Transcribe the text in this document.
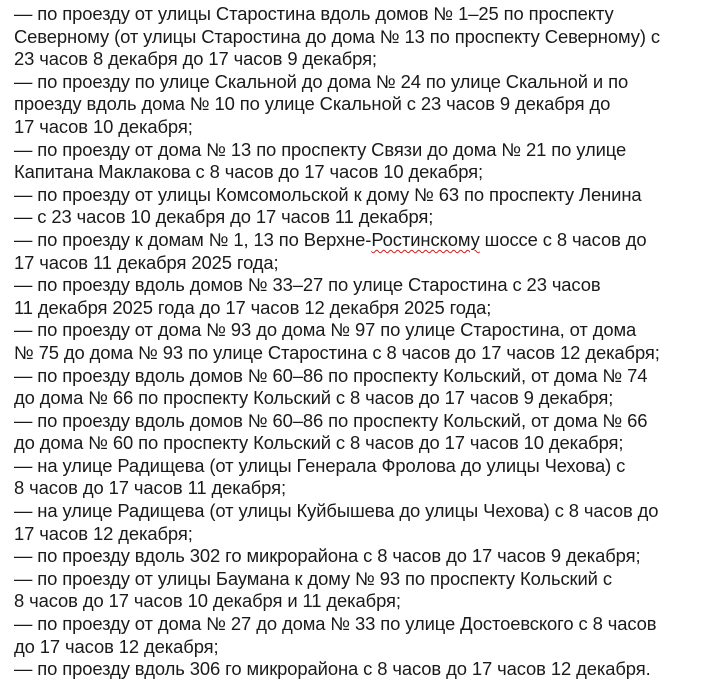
— по проезду от улицы Старостина вдоль домов № 1–25 по проспекту
Северному (от улицы Старостина до дома № 13 по проспекту Северному) с
23 часов 8 декабря до 17 часов 9 декабря;
— по проезду по улице Скальной до дома № 24 по улице Скальной и по
проезду вдоль дома № 10 по улице Скальной с 23 часов 9 декабря до
17 часов 10 декабря;
— по проезду от дома № 13 по проспекту Связи до дома № 21 по улице
Капитана Маклакова с 8 часов до 17 часов 10 декабря;
— по проезду от улицы Комсомольской к дому № 63 по проспекту Ленина
— с 23 часов 10 декабря до 17 часов 11 декабря;
— по проезду к домам № 1, 13 по Верхне-Ростинскому шоссе с 8 часов до
17 часов 11 декабря 2025 года;
— по проезду вдоль домов № 33–27 по улице Старостина с 23 часов
11 декабря 2025 года до 17 часов 12 декабря 2025 года;
— по проезду от дома № 93 до дома № 97 по улице Старостина, от дома
№ 75 до дома № 93 по улице Старостина с 8 часов до 17 часов 12 декабря;
— по проезду вдоль домов № 60–86 по проспекту Кольский, от дома № 74
до дома № 66 по проспекту Кольский с 8 часов до 17 часов 9 декабря;
— по проезду вдоль домов № 60–86 по проспекту Кольский, от дома № 66
до дома № 60 по проспекту Кольский с 8 часов до 17 часов 10 декабря;
— на улице Радищева (от улицы Генерала Фролова до улицы Чехова) с
8 часов до 17 часов 11 декабря;
— на улице Радищева (от улицы Куйбышева до улицы Чехова) с 8 часов до
17 часов 12 декабря;
— по проезду вдоль 302 го микрорайона с 8 часов до 17 часов 9 декабря;
— по проезду от улицы Баумана к дому № 93 по проспекту Кольский с
8 часов до 17 часов 10 декабря и 11 декабря;
— по проезду от дома № 27 до дома № 33 по улице Достоевского с 8 часов
до 17 часов 12 декабря;
— по проезду вдоль 306 го микрорайона с 8 часов до 17 часов 12 декабря.
